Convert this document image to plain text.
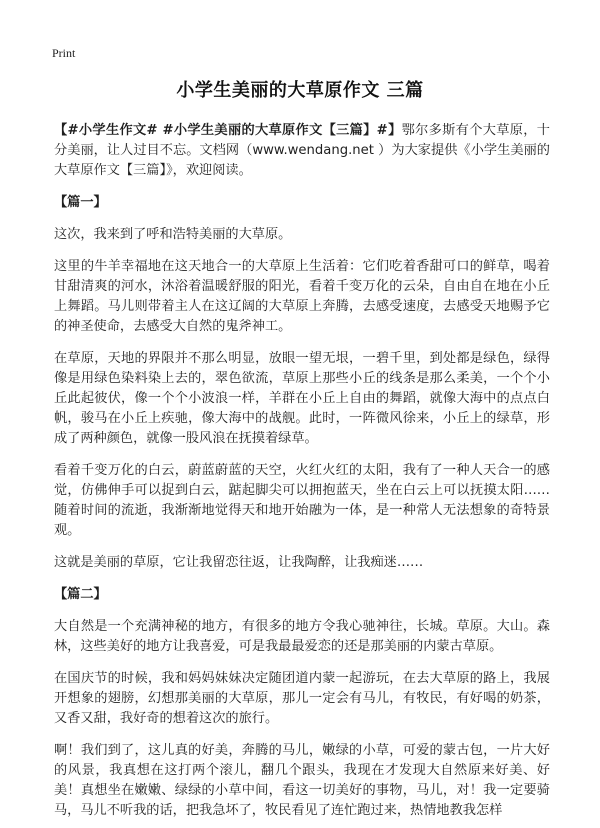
Print
小学生美丽的大草原作文 三篇

【#小学生作文# #小学生美丽的大草原作文【三篇】#】鄂尔多斯有个大草原，十分美丽，让人过目不忘。文档网（www.wendang.net ）为大家提供《小学生美丽的大草原作文【三篇】》，欢迎阅读。

【篇一】

这次，我来到了呼和浩特美丽的大草原。

这里的牛羊幸福地在这天地合一的大草原上生活着：它们吃着香甜可口的鲜草，喝着甘甜清爽的河水，沐浴着温暖舒服的阳光，看着千变万化的云朵，自由自在地在小丘上舞蹈。马儿则带着主人在这辽阔的大草原上奔腾，去感受速度，去感受天地赐予它的神圣使命，去感受大自然的鬼斧神工。

在草原，天地的界限并不那么明显，放眼一望无垠，一碧千里，到处都是绿色，绿得像是用绿色染料染上去的，翠色欲流，草原上那些小丘的线条是那么柔美，一个个小丘此起彼伏，像一个个小波浪一样，羊群在小丘上自由的舞蹈，就像大海中的点点白帆，骏马在小丘上疾驰，像大海中的战舰。此时，一阵微风徐来，小丘上的绿草，形成了两种颜色，就像一股风浪在抚摸着绿草。

看着千变万化的白云，蔚蓝蔚蓝的天空，火红火红的太阳，我有了一种人天合一的感觉，仿佛伸手可以捉到白云，踮起脚尖可以拥抱蓝天，坐在白云上可以抚摸太阳……随着时间的流逝，我渐渐地觉得天和地开始融为一体，是一种常人无法想象的奇特景观。

这就是美丽的草原，它让我留恋往返，让我陶醉，让我痴迷……

【篇二】

大自然是一个充满神秘的地方，有很多的地方令我心驰神往，长城。草原。大山。森林，这些美好的地方让我喜爱，可是我最最爱恋的还是那美丽的内蒙古草原。

在国庆节的时候，我和妈妈妹妹决定随团道内蒙一起游玩，在去大草原的路上，我展开想象的翅膀，幻想那美丽的大草原，那儿一定会有马儿，有牧民，有好喝的奶茶，又香又甜，我好奇的想着这次的旅行。

啊！我们到了，这儿真的好美，奔腾的马儿，嫩绿的小草，可爱的蒙古包，一片大好的风景，我真想在这打两个滚儿，翻几个跟头，我现在才发现大自然原来好美、好美！真想坐在嫩嫩、绿绿的小草中间，看这一切美好的事物，马儿，对！我一定要骑马，马儿不听我的话，把我急坏了，牧民看见了连忙跑过来，热情地教我怎样
